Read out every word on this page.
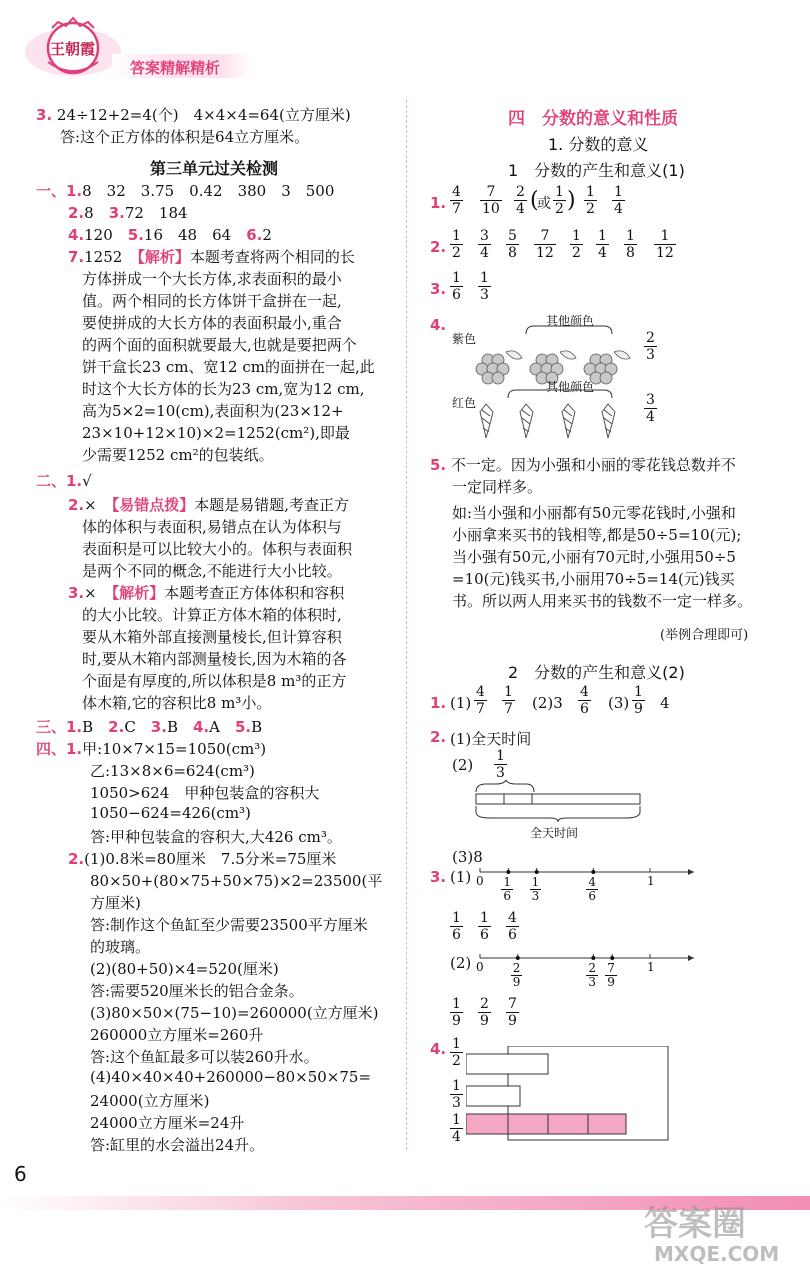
王朝霞
答案精解精析
3. 24÷12+2=4(个)　4×4×4=64(立方厘米)
答:这个正方体的体积是64立方厘米。
第三单元过关检测
一、1.8　32　3.75　0.42　380　3　500
2.8　3.72　184
4.120　5.16　48　64　6.2
7.1252　【解析】本题考查将两个相同的长
方体拼成一个大长方体,求表面积的最小
值。两个相同的长方体饼干盒拼在一起,
要使拼成的大长方体的表面积最小,重合
的两个面的面积就要最大,也就是要把两个
饼干盒长23 cm、宽12 cm的面拼在一起,此
时这个大长方体的长为23 cm,宽为12 cm,
高为5×2=10(cm),表面积为(23×12+
23×10+12×10)×2=1252(cm²),即最
少需要1252 cm²的包装纸。
二、1.√
2.×　【易错点拨】本题是易错题,考查正方
体的体积与表面积,易错点在认为体积与
表面积是可以比较大小的。体积与表面积
是两个不同的概念,不能进行大小比较。
3.×　【解析】本题考查正方体体积和容积
的大小比较。计算正方体木箱的体积时,
要从木箱外部直接测量棱长,但计算容积
时,要从木箱内部测量棱长,因为木箱的各
个面是有厚度的,所以体积是8 m³的正方
体木箱,它的容积比8 m³小。
三、1.B　2.C　3.B　4.A　5.B
四、1.甲:10×7×15=1050(cm³)
乙:13×8×6=624(cm³)
1050>624　甲种包装盒的容积大
1050−624=426(cm³)
答:甲种包装盒的容积大,大426 cm³。
2.(1)0.8米=80厘米　7.5分米=75厘米
80×50+(80×75+50×75)×2=23500(平
方厘米)
答:制作这个鱼缸至少需要23500平方厘米
的玻璃。
(2)(80+50)×4=520(厘米)
答:需要520厘米长的铝合金条。
(3)80×50×(75−10)=260000(立方厘米)
260000立方厘米=260升
答:这个鱼缸最多可以装260升水。
(4)40×40×40+260000−80×50×75=
24000(立方厘米)
24000立方厘米=24升
答:缸里的水会溢出24升。
四　分数的意义和性质
1. 分数的意义
1　分数的产生和意义(1)
1. $\frac{4}{7} \frac{7}{10} \frac{2}{4}$ (
或 $\frac{1}{2}$ ) $\frac{1}{2} \frac{1}{4}$
2. $\frac{1}{2} \frac{3}{4} \frac{5}{8} \frac{7}{12} \frac{1}{2} \frac{1}{4} \frac{1}{8} \frac{1}{12}$
3. $\frac{1}{6} \frac{1}{3}$
4.
紫色
其他颜色
$\frac{2}{3}$
红色
其他颜色
$\frac{3}{4}$
5. 不一定。因为小强和小丽的零花钱总数并不
一定同样多。
如:当小强和小丽都有50元零花钱时,小强和
小丽拿来买书的钱相等,都是50÷5=10(元);
当小强有50元,小丽有70元时,小强用50÷5
=10(元)钱买书,小丽用70÷5=14(元)钱买
书。所以两人用来买书的钱数不一定一样多。
(举例合理即可)
2　分数的产生和意义(2)
1. $(1) \frac{4}{7} \frac{1}{7} (2)3 \frac{4}{6} (3) \frac{1}{9} 4$
2. (1)全天时间
$(2) \frac{1}{3}$
全天时间
(3)8
3. (1) 0	1
$\frac{1}{6} \frac{1}{3}$	$\frac{4}{6}$
$\frac{1}{6} \frac{1}{6} \frac{4}{6}$
(2) 0	1
$\frac{2}{9}$	$\frac{2}{3} \frac{7}{9}$
$\frac{1}{9} \frac{2}{9} \frac{7}{9}$
4. $\frac{1}{2}$
$\frac{1}{3}$
$\frac{1}{4}$
6
答案圈
MXQE.COM
